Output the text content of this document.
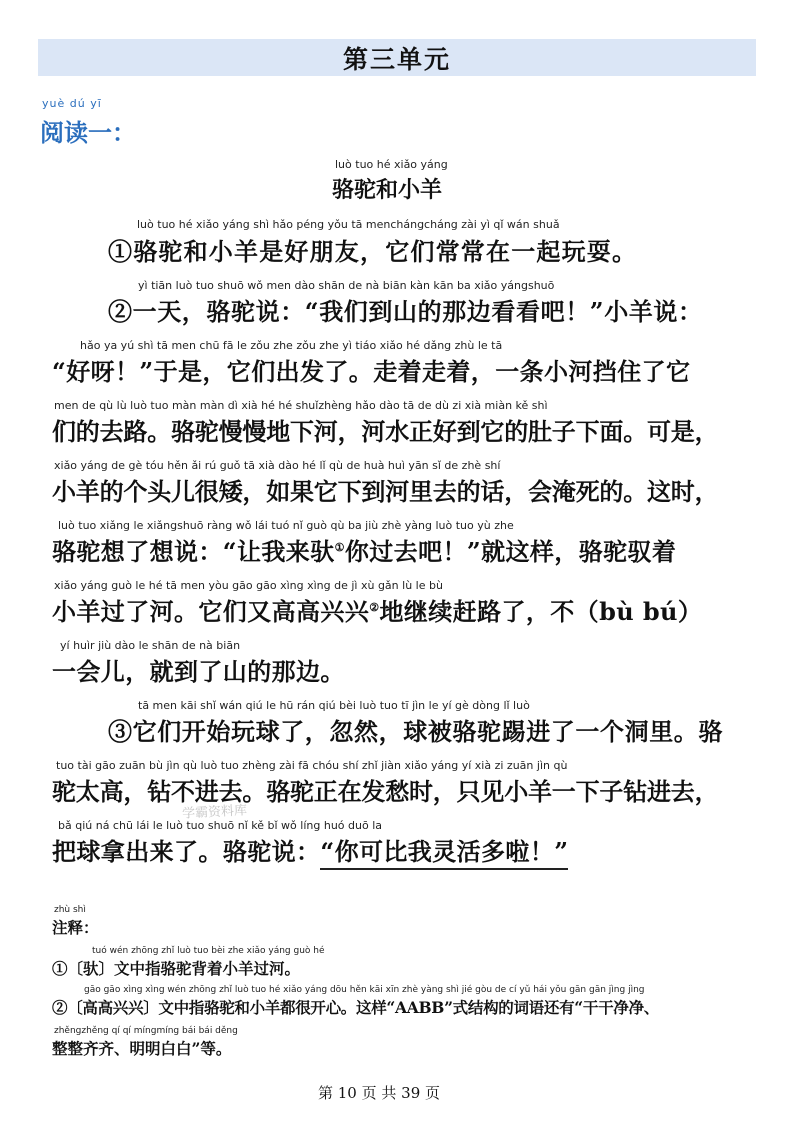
第三单元
yuè dú yī
阅读一：
luò tuo hé xiǎo yáng
骆驼和小羊
luò tuo hé xiǎo yáng shì hǎo péng yǒu tā menchángcháng zài yì qǐ wán shuǎ
①骆驼和小羊是好朋友，它们常常在一起玩耍。
yì tiān luò tuo shuō wǒ men dào shān de nà biān kàn kān ba xiǎo yángshuō
②一天，骆驼说：“我们到山的那边看看吧！”小羊说：
hǎo ya yú shì tā men chū fā le zǒu zhe zǒu zhe yì tiáo xiǎo hé dǎng zhù le tā
“好呀！”于是，它们出发了。走着走着，一条小河挡住了它
men de qù lù luò tuo màn màn dì xià hé hé shuǐzhèng hǎo dào tā de dù zi xià miàn kě shì
们的去路。骆驼慢慢地下河，河水正好到它的肚子下面。可是，
xiǎo yáng de gè tóu hěn ǎi rú guǒ tā xià dào hé lǐ qù de huà huì yān sǐ de zhè shí
小羊的个头儿很矮，如果它下到河里去的话，会淹死的。这时，
luò tuo xiǎng le xiǎngshuō ràng wǒ lái tuó nǐ guò qù ba jiù zhè yàng luò tuo yù zhe
骆驼想了想说：“让我来驮①你过去吧！”就这样，骆驼驭着
xiǎo yáng guò le hé tā men yòu gāo gāo xìng xìng de jì xù gǎn lù le bù
小羊过了河。它们又高高兴兴②地继续赶路了，不（bù bú）
yí huìr jiù dào le shān de nà biān
一会儿，就到了山的那边。
tā men kāi shǐ wán qiú le hū rán qiú bèi luò tuo tī jìn le yí gè dòng lǐ luò
③它们开始玩球了，忽然，球被骆驼踢进了一个洞里。骆
tuo tài gāo zuān bù jìn qù luò tuo zhèng zài fā chóu shí zhǐ jiàn xiǎo yáng yí xià zi zuān jìn qù
驼太高，钻不进去。骆驼正在发愁时，只见小羊一下子钻进去，
bǎ qiú ná chū lái le luò tuo shuō nǐ kě bǐ wǒ líng huó duō la
把球拿出来了。骆驼说：“你可比我灵活多啦！”
学霸资料库
zhù shì
注释：
tuó wén zhōng zhǐ luò tuo bèi zhe xiǎo yáng guò hé
①〔驮〕文中指骆驼背着小羊过河。
gāo gāo xìng xìng wén zhōng zhǐ luò tuo hé xiǎo yáng dōu hěn kāi xīn zhè yàng shì jié gòu de cí yǔ hái yǒu gān gān jìng jìng
②〔高高兴兴〕文中指骆驼和小羊都很开心。这样“AABB”式结构的词语还有“干干净净、
zhěngzhěng qí qí míngmíng bái bái děng
整整齐齐、明明白白”等。
第 10 页 共 39 页
